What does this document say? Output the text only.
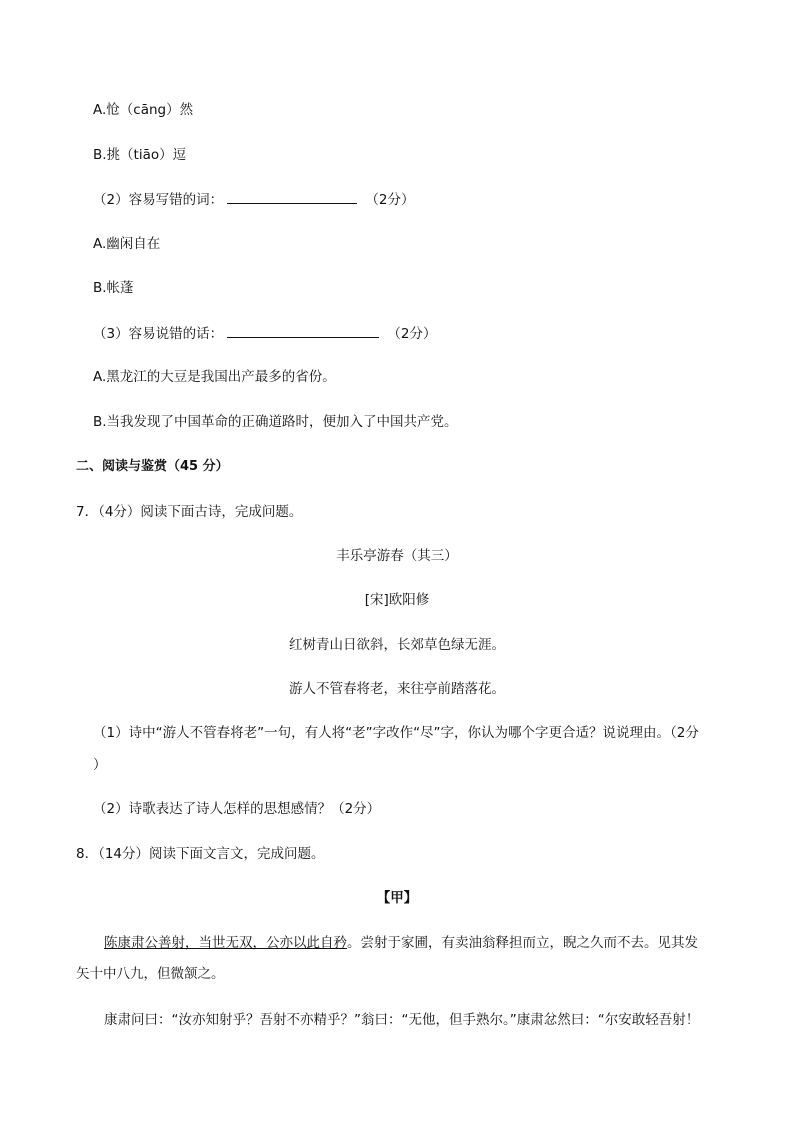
A.怆（cāng）然
B.挑（tiāo）逗
（2）容易写错的词：	（2分）
A.幽闲自在
B.帐蓬
（3）容易说错的话：	（2分）
A.黑龙江的大豆是我国出产最多的省份。
B.当我发现了中国革命的正确道路时，便加入了中国共产党。
二、阅读与鉴赏（45 分）
7．（4分）阅读下面古诗，完成问题。
丰乐亭游春（其三）
[宋]欧阳修
红树青山日欲斜，长郊草色绿无涯。
游人不管春将老，来往亭前踏落花。
（1）诗中“游人不管春将老”一句，有人将“老”字改作“尽”字，你认为哪个字更合适？说说理由。（2分
）
（2）诗歌表达了诗人怎样的思想感情？（2分）
8．（14分）阅读下面文言文，完成问题。
【甲】
陈康肃公善射，当世无双，公亦以此自矜。尝射于家圃，有卖油翁释担而立，睨之久而不去。见其发
矢十中八九，但微颔之。
康肃问曰：“汝亦知射乎？吾射不亦精乎？”翁曰：“无他，但手熟尔。”康肃忿然曰：“尔安敢轻吾射！
